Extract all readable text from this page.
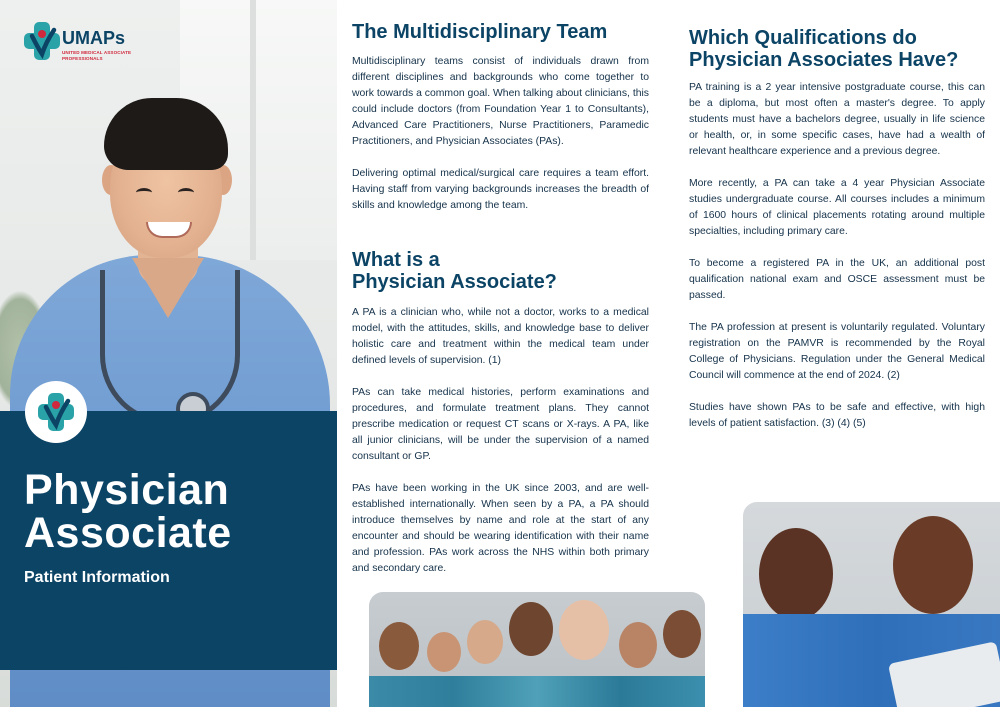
UMAPs
UNITED MEDICAL ASSOCIATE PROFESSIONALS
Physician Associate
Patient Information
The Multidisciplinary Team

Multidisciplinary teams consist of individuals drawn from different disciplines and backgrounds who come together to work towards a common goal. When talking about clinicians, this could include doctors (from Foundation Year 1 to Consultants), Advanced Care Practitioners, Nurse Practitioners, Paramedic Practitioners, and Physician Associates (PAs).

Delivering optimal medical/surgical care requires a team effort. Having staff from varying backgrounds increases the breadth of skills and knowledge among the team.

What is a
Physician Associate?

A PA is a clinician who, while not a doctor, works to a medical model, with the attitudes, skills, and knowledge base to deliver holistic care and treatment within the medical team under defined levels of supervision. (1)

PAs can take medical histories, perform examinations and procedures, and formulate treatment plans. They cannot prescribe medication or request CT scans or X-rays. A PA, like all junior clinicians, will be under the supervision of a named consultant or GP.

PAs have been working in the UK since 2003, and are well-established internationally. When seen by a PA, a PA should introduce themselves by name and role at the start of any encounter and should be wearing identification with their name and profession. PAs work across the NHS within both primary and secondary care.

Which Qualifications do
Physician Associates Have?

PA training is a 2 year intensive postgraduate course, this can be a diploma, but most often a master's degree. To apply students must have a bachelors degree, usually in life science or health, or, in some specific cases, have had a wealth of relevant healthcare experience and a previous degree.

More recently, a PA can take a 4 year Physician Associate studies undergraduate course. All courses includes a minimum of 1600 hours of clinical placements rotating around multiple specialties, including primary care.

To become a registered PA in the UK, an additional post qualification national exam and OSCE assessment must be passed.

The PA profession at present is voluntarily regulated. Voluntary registration on the PAMVR is recommended by the Royal College of Physicians. Regulation under the General Medical Council will commence at the end of 2024. (2)

Studies have shown PAs to be safe and effective, with high levels of patient satisfaction. (3) (4) (5)
